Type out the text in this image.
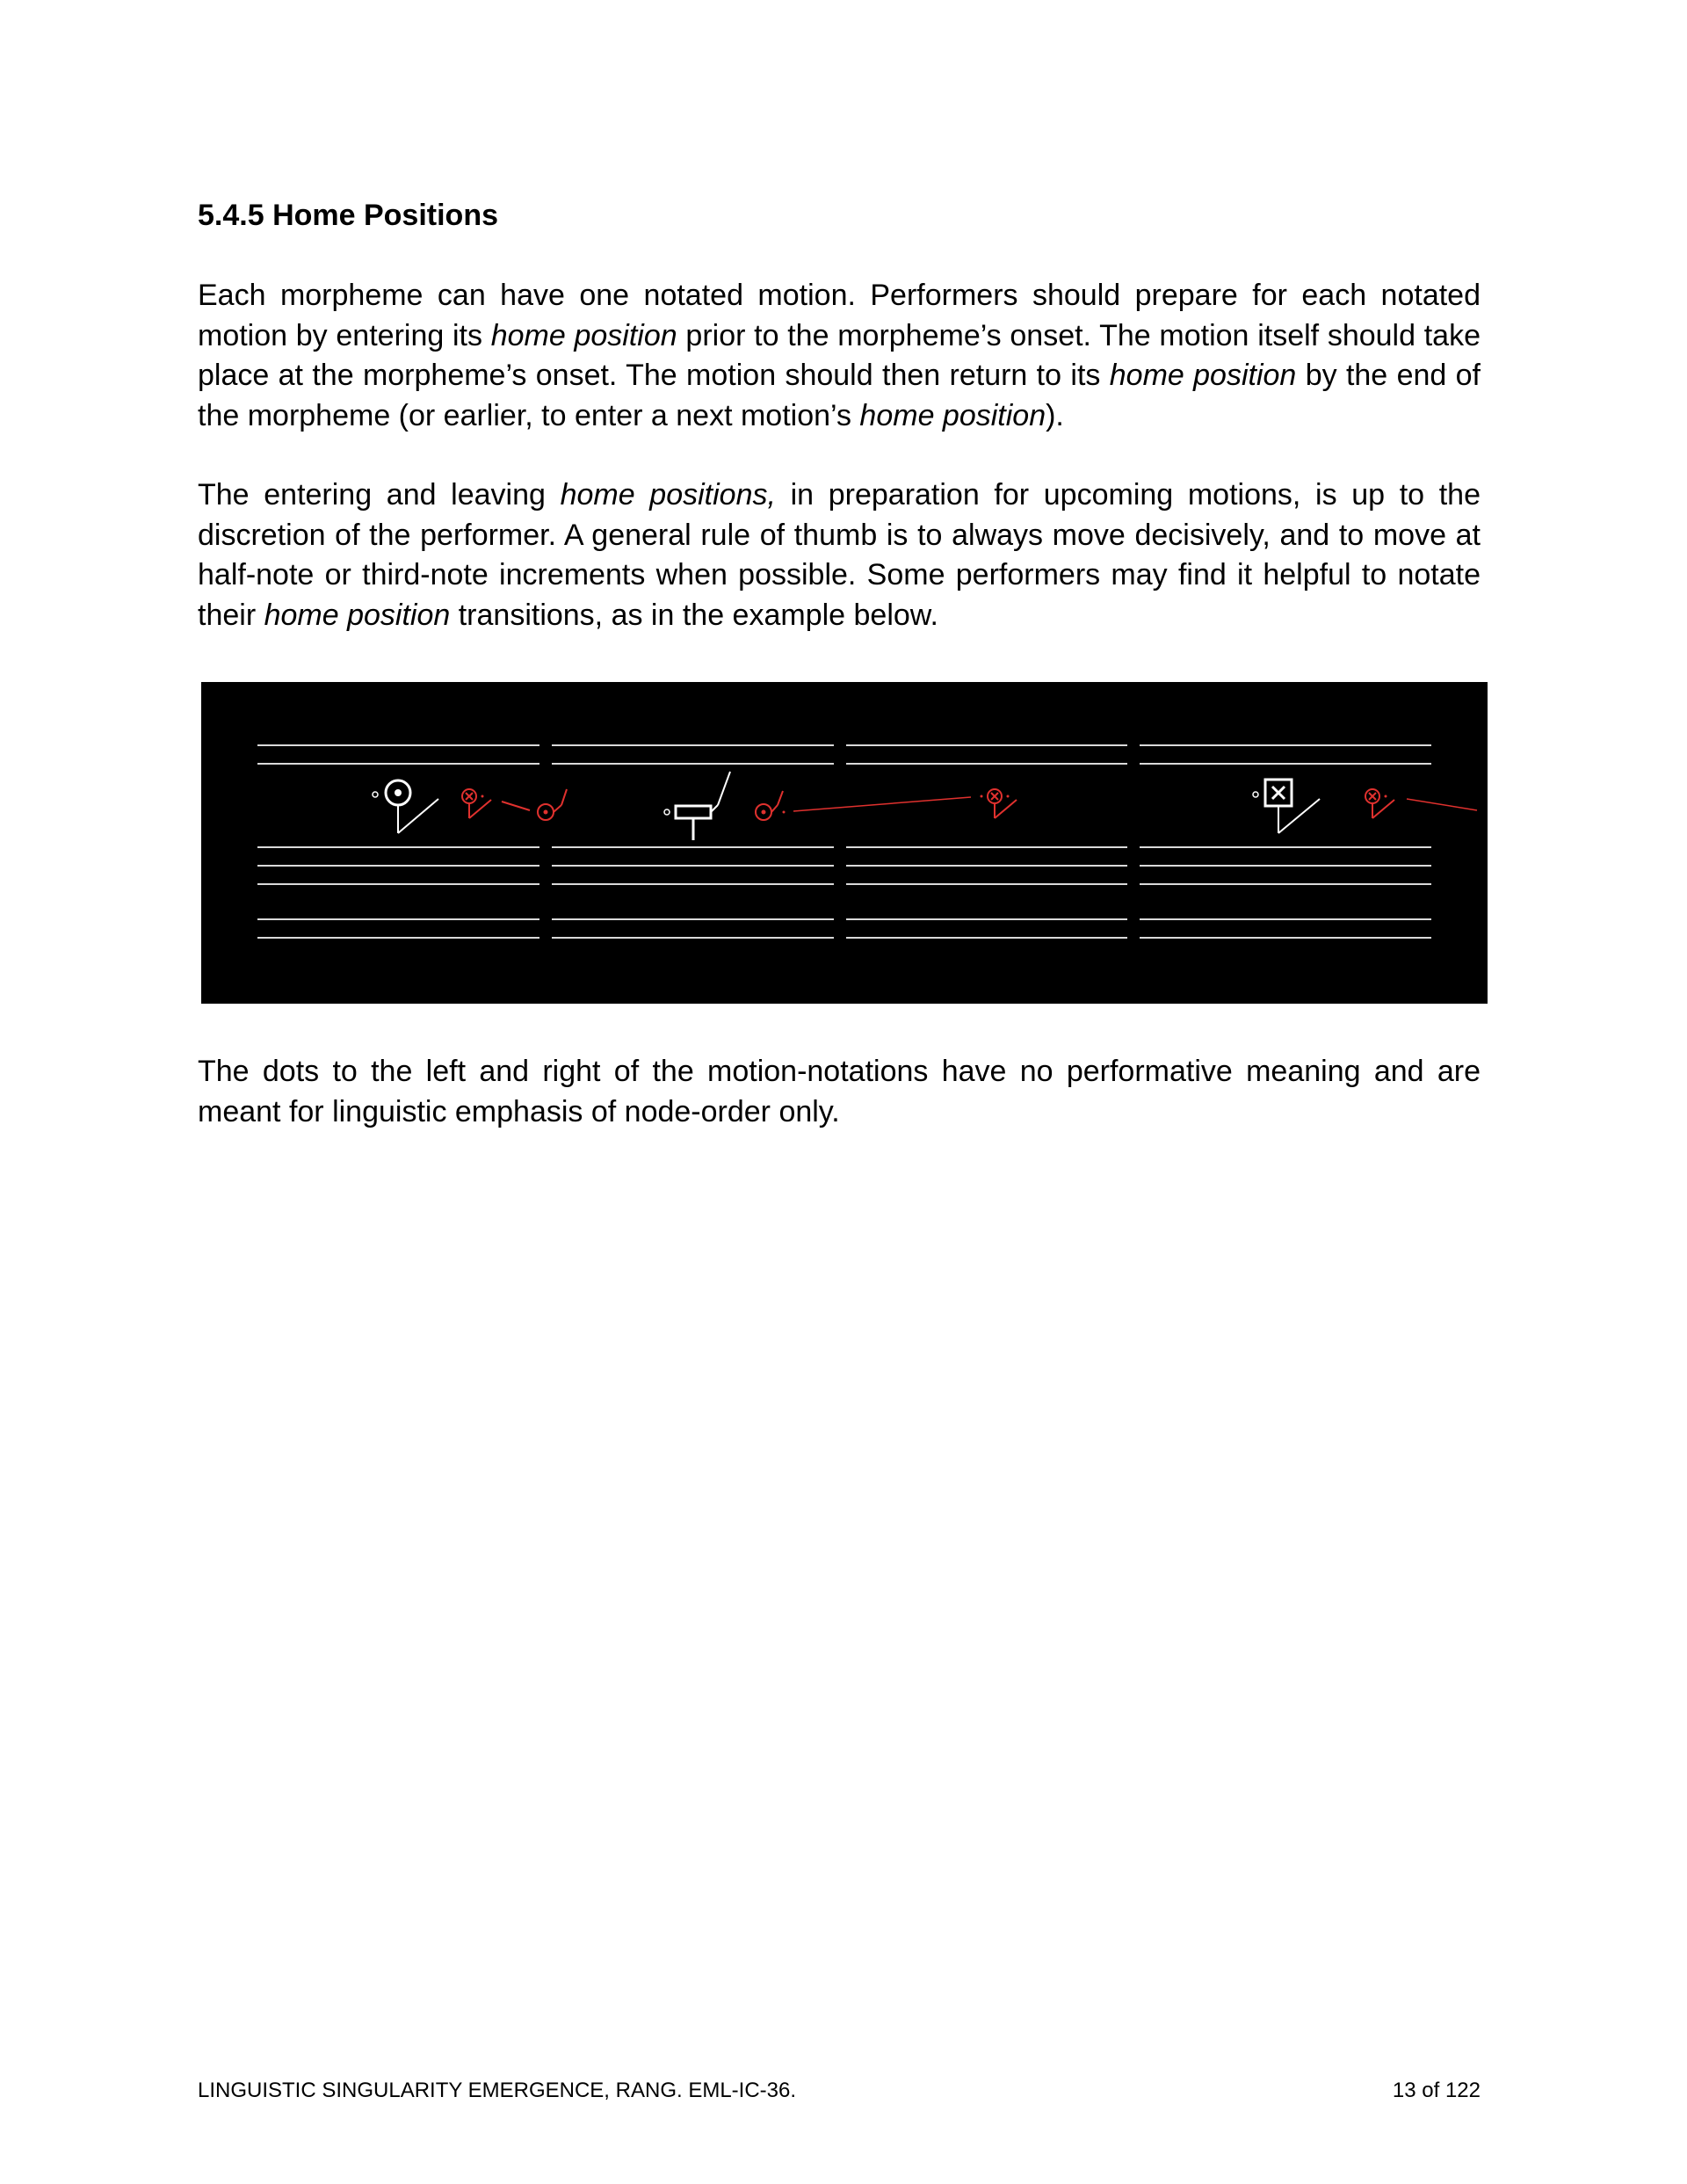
5.4.5 Home Positions

Each morpheme can have one notated motion. Performers should prepare for each notated motion by entering its home position prior to the morpheme’s onset. The motion itself should take place at the morpheme’s onset. The motion should then return to its home position by the end of the morpheme (or earlier, to enter a next motion’s home position).

The entering and leaving home positions, in preparation for upcoming motions, is up to the discretion of the performer. A general rule of thumb is to always move decisively, and to move at half-note or third-note increments when possible. Some performers may find it helpful to notate their home position transitions, as in the example below.

The dots to the left and right of the motion-notations have no performative meaning and are meant for linguistic emphasis of node-order only.

LINGUISTIC SINGULARITY EMERGENCE, RANG. EML-IC-36.	13 of 122
